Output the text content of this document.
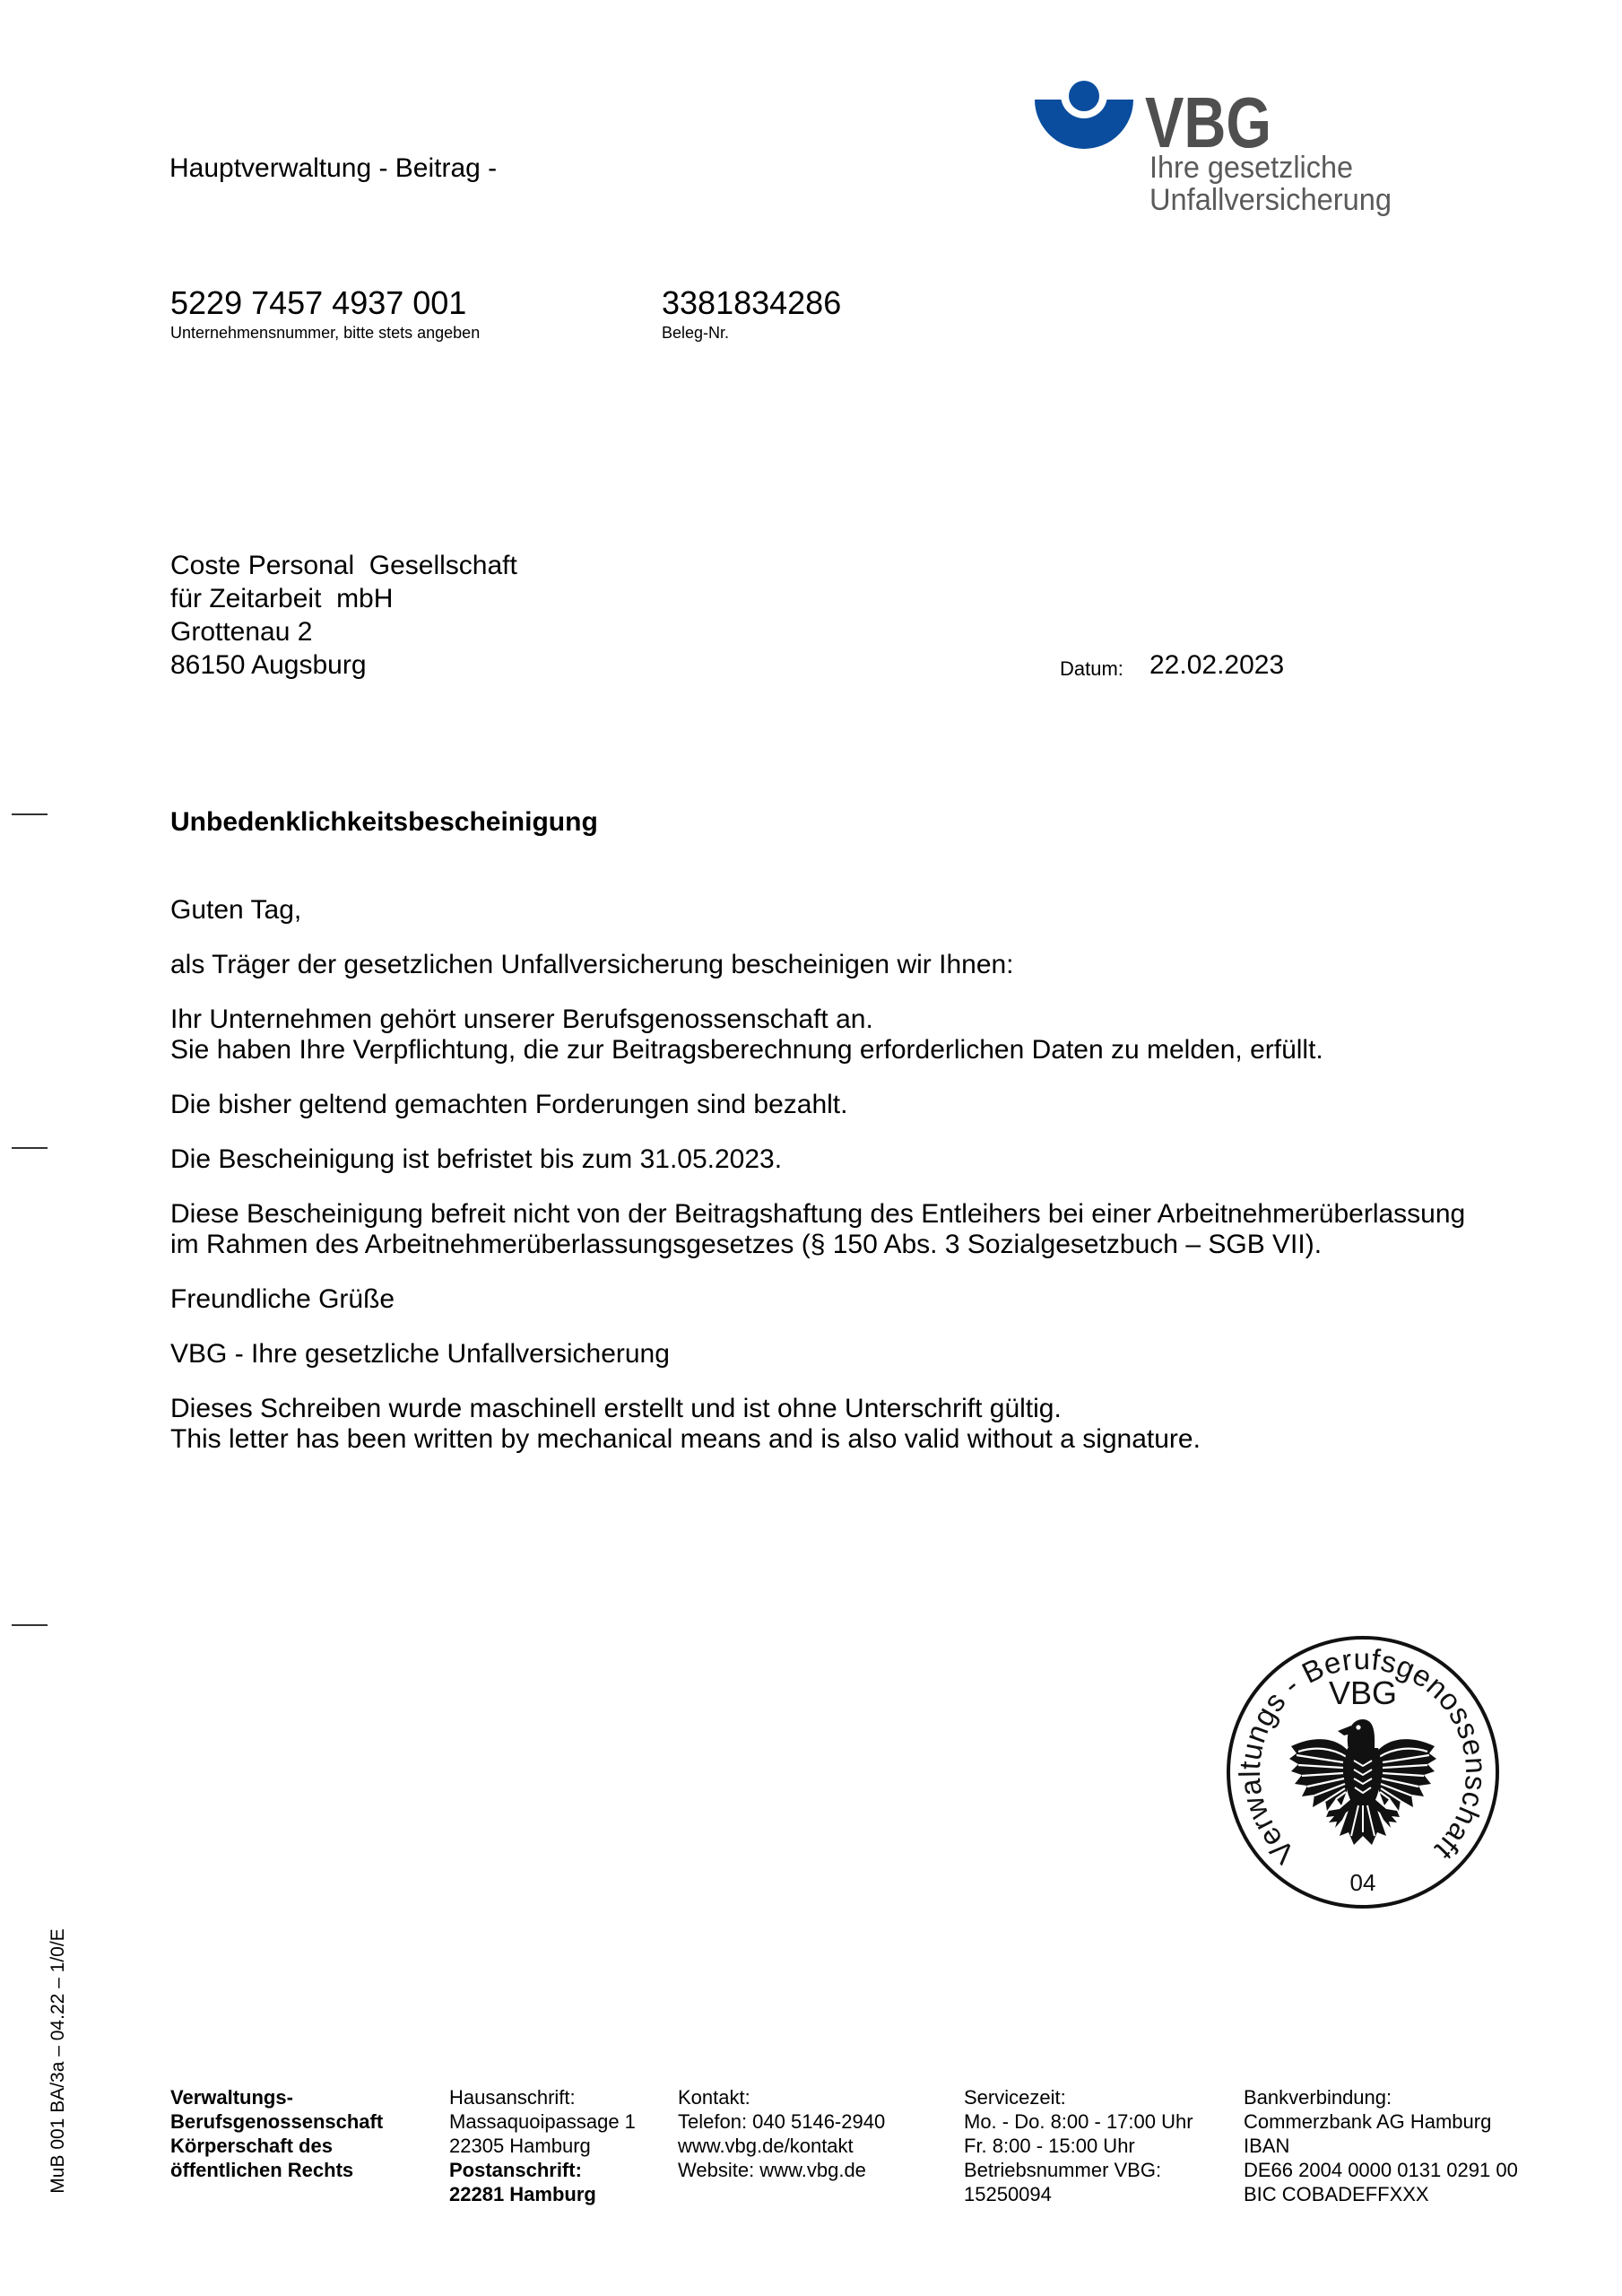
Hauptverwaltung - Beitrag -
VBG
Ihre gesetzliche
Unfallversicherung
5229 7457 4937 001
Unternehmensnummer, bitte stets angeben
3381834286
Beleg-Nr.
Coste Personal  Gesellschaft
für Zeitarbeit  mbH
Grottenau 2
86150 Augsburg	Datum: 22.02.2023
Unbedenklichkeitsbescheinigung
Guten Tag,
als Träger der gesetzlichen Unfallversicherung bescheinigen wir Ihnen:
Ihr Unternehmen gehört unserer Berufsgenossenschaft an.
Sie haben Ihre Verpflichtung, die zur Beitragsberechnung erforderlichen Daten zu melden, erfüllt.
Die bisher geltend gemachten Forderungen sind bezahlt.
Die Bescheinigung ist befristet bis zum 31.05.2023.
Diese Bescheinigung befreit nicht von der Beitragshaftung des Entleihers bei einer Arbeitnehmerüberlassung
im Rahmen des Arbeitnehmerüberlassungsgesetzes (§ 150 Abs. 3 Sozialgesetzbuch – SGB VII).
Freundliche Grüße
VBG - Ihre gesetzliche Unfallversicherung
Dieses Schreiben wurde maschinell erstellt und ist ohne Unterschrift gültig.
This letter has been written by mechanical means and is also valid without a signature.
Verwaltungs - Berufsgenossenschaft
VBG
04
MuB 001 BA/3a – 04.22 – 1/0/E	Verwaltungs-
Berufsgenossenschaft
Körperschaft des
öffentlichen Rechts
Hausanschrift:
Massaquoipassage 1
22305 Hamburg
Postanschrift:
22281 Hamburg
Kontakt:
Telefon: 040 5146-2940
www.vbg.de/kontakt
Website: www.vbg.de
Servicezeit:
Mo. - Do. 8:00 - 17:00 Uhr
Fr. 8:00 - 15:00 Uhr
Betriebsnummer VBG:
15250094
Bankverbindung:
Commerzbank AG Hamburg
IBAN
DE66 2004 0000 0131 0291 00
BIC COBADEFFXXX
